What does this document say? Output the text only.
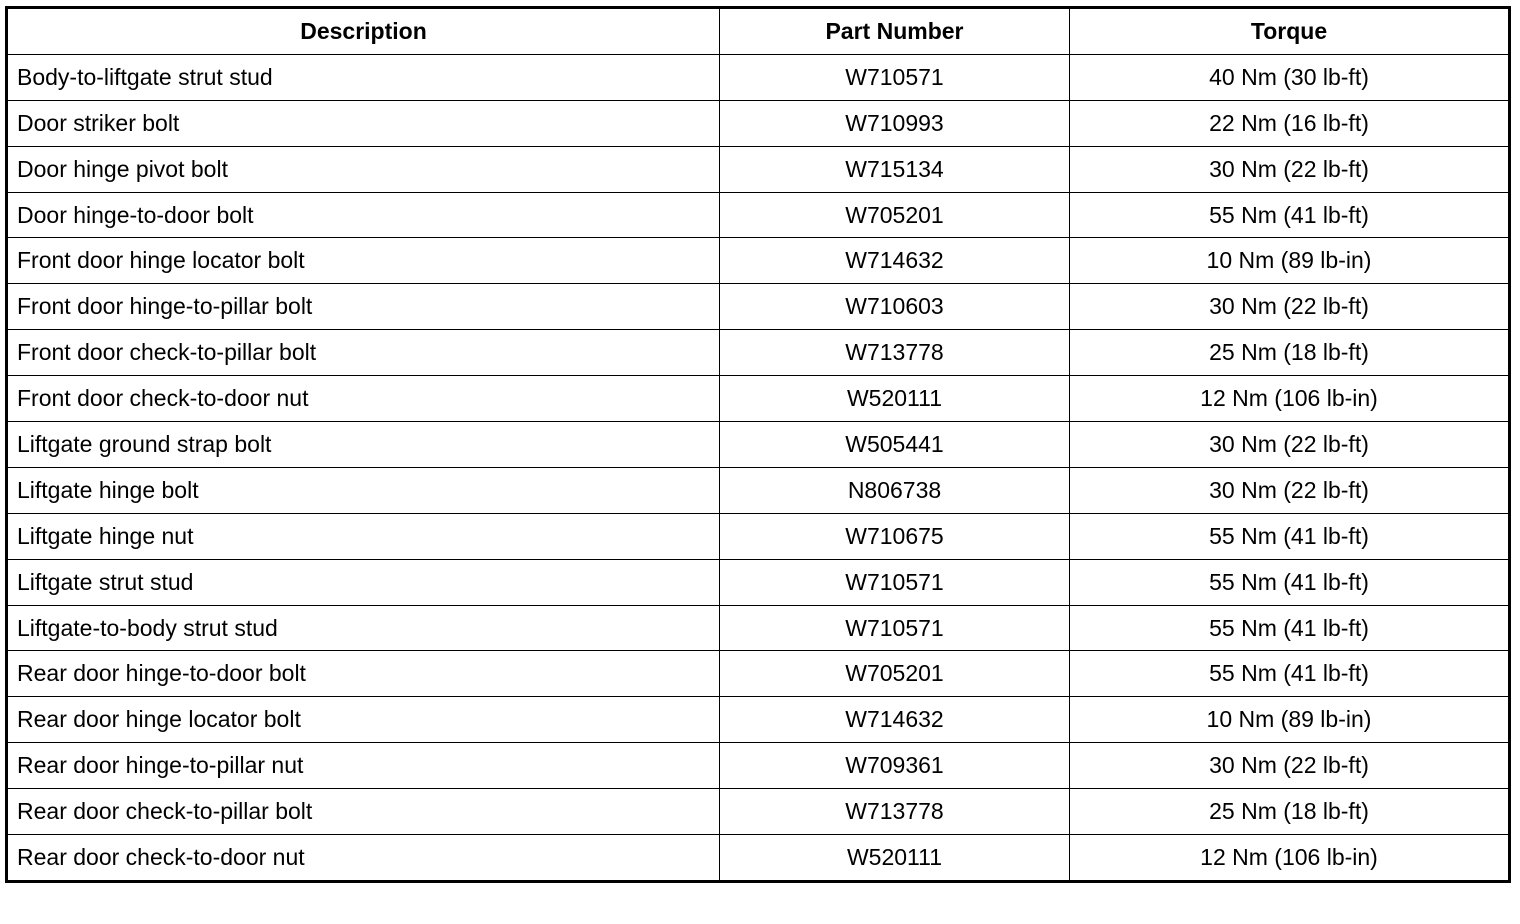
Description	Part Number	Torque
Body-to-liftgate strut stud	W710571	40 Nm (30 lb-ft)
Door striker bolt	W710993	22 Nm (16 lb-ft)
Door hinge pivot bolt	W715134	30 Nm (22 lb-ft)
Door hinge-to-door bolt	W705201	55 Nm (41 lb-ft)
Front door hinge locator bolt	W714632	10 Nm (89 lb-in)
Front door hinge-to-pillar bolt	W710603	30 Nm (22 lb-ft)
Front door check-to-pillar bolt	W713778	25 Nm (18 lb-ft)
Front door check-to-door nut	W520111	12 Nm (106 lb-in)
Liftgate ground strap bolt	W505441	30 Nm (22 lb-ft)
Liftgate hinge bolt	N806738	30 Nm (22 lb-ft)
Liftgate hinge nut	W710675	55 Nm (41 lb-ft)
Liftgate strut stud	W710571	55 Nm (41 lb-ft)
Liftgate-to-body strut stud	W710571	55 Nm (41 lb-ft)
Rear door hinge-to-door bolt	W705201	55 Nm (41 lb-ft)
Rear door hinge locator bolt	W714632	10 Nm (89 lb-in)
Rear door hinge-to-pillar nut	W709361	30 Nm (22 lb-ft)
Rear door check-to-pillar bolt	W713778	25 Nm (18 lb-ft)
Rear door check-to-door nut	W520111	12 Nm (106 lb-in)
